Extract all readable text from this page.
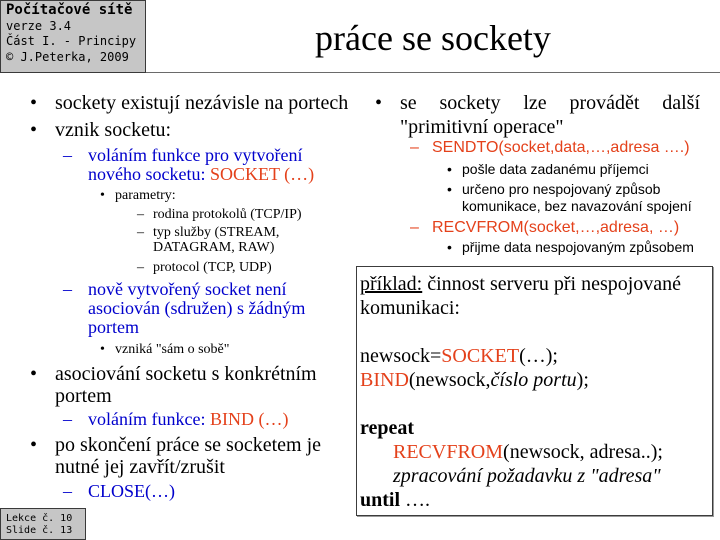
Počítačové sítě
verze 3.4
Část I. - Principy
© J.Peterka, 2009	práce se sockety
•
sockety existují nezávisle na portech
•
vznik socketu:
–
voláním funkce pro vytvoření nového socketu: SOCKET (…)
•
parametry:
–
rodina protokolů (TCP/IP)
–
typ služby (STREAM, DATAGRAM, RAW)
–
protocol (TCP, UDP)
–
nově vytvořený socket není asociován (sdružen) s žádným portem
•
vzniká "sám o sobě"
•
asociování socketu s konkrétním portem
–
voláním funkce: BIND (…)
•
po skončení práce se socketem je nutné jej zavřít/zrušit
–
CLOSE(…)
•
se sockety lze provádět další "primitivní operace"
–
SENDTO(socket,data,…,adresa ….)
•
pošle data zadanému příjemci
•
určeno pro nespojovaný způsob komunikace, bez navazování spojení
–
RECVFROM(socket,…,adresa, …)
•
přijme data nespojovaným způsobem
příklad: činnost serveru při nespojované komunikaci:
newsock=SOCKET(…);
BIND(newsock,číslo portu);
repeat
RECVFROM(newsock, adresa..);
zpracování požadavku z "adresa"
until ….
Lekce č. 10
Slide č. 13
